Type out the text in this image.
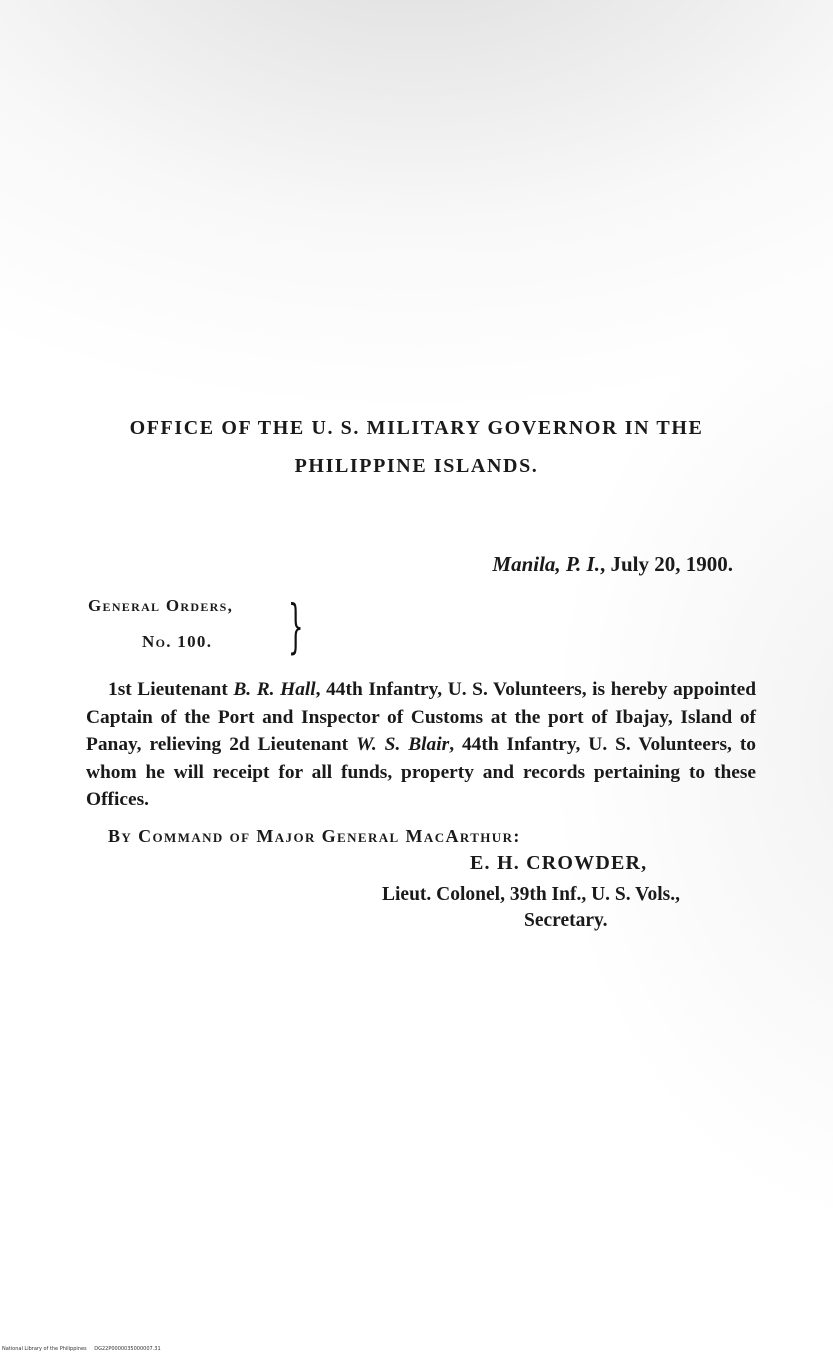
OFFICE OF THE U. S. MILITARY GOVERNOR IN THE
PHILIPPINE ISLANDS.
Manila, P. I., July 20, 1900.
General Orders,
No. 100.	}

1st Lieutenant B. R. Hall, 44th Infantry, U. S. Volunteers, is hereby appointed Captain of the Port and Inspector of Customs at the port of Ibajay, Island of Panay, relieving 2d Lieutenant W. S. Blair, 44th Infantry, U. S. Volunteers, to whom he will receipt for all funds, property and records pertaining to these Offices.

By Command of Major General MacArthur:
E. H. CROWDER,
Lieut. Colonel, 39th Inf., U. S. Vols.,
Secretary.
National Library of the Philippines DG22P0000035000007.31
